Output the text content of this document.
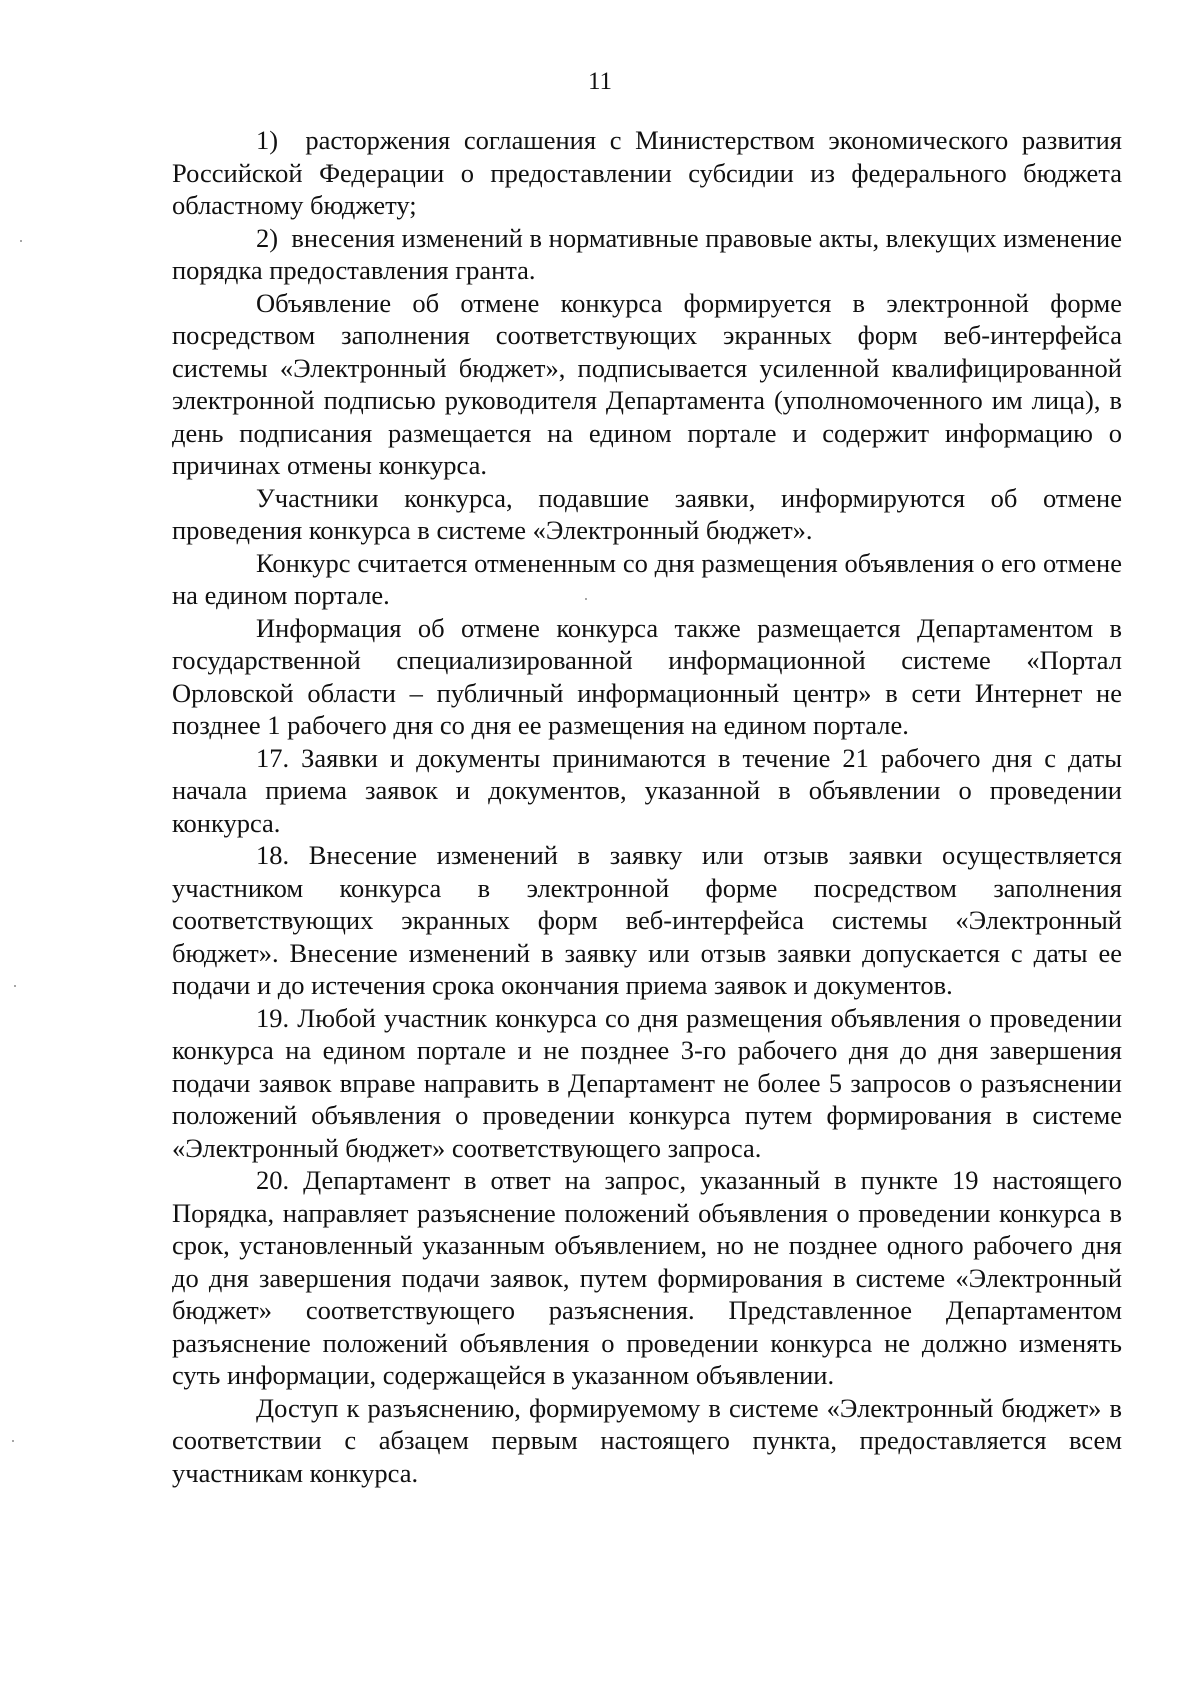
11

1)  расторжения соглашения с Министерством экономического развития Российской Федерации о предоставлении субсидии из федерального бюджета областному бюджету;

2)  внесения изменений в нормативные правовые акты, влекущих изменение порядка предоставления гранта.

Объявление об отмене конкурса формируется в электронной форме посредством заполнения соответствующих экранных форм веб-интерфейса системы «Электронный бюджет», подписывается усиленной квалифицированной электронной подписью руководителя Департамента (уполномоченного им лица), в день подписания размещается на едином портале и содержит информацию о причинах отмены конкурса.

Участники конкурса, подавшие заявки, информируются об отмене проведения конкурса в системе «Электронный бюджет».

Конкурс считается отмененным со дня размещения объявления о его отмене на едином портале.

Информация об отмене конкурса также размещается Департаментом в государственной специализированной информационной системе «Портал Орловской области – публичный информационный центр» в сети Интернет не позднее 1 рабочего дня со дня ее размещения на едином портале.

17. Заявки и документы принимаются в течение 21 рабочего дня с даты начала приема заявок и документов, указанной в объявлении о проведении конкурса.

18. Внесение изменений в заявку или отзыв заявки осуществляется участником конкурса в электронной форме посредством заполнения соответствующих экранных форм веб-интерфейса системы «Электронный бюджет». Внесение изменений в заявку или отзыв заявки допускается с даты ее подачи и до истечения срока окончания приема заявок и документов.

19. Любой участник конкурса со дня размещения объявления о проведении конкурса на едином портале и не позднее 3-го рабочего дня до дня завершения подачи заявок вправе направить в Департамент не более 5 запросов о разъяснении положений объявления о проведении конкурса путем формирования в системе «Электронный бюджет» соответствующего запроса.

20. Департамент в ответ на запрос, указанный в пункте 19 настоящего Порядка, направляет разъяснение положений объявления о проведении конкурса в срок, установленный указанным объявлением, но не позднее одного рабочего дня до дня завершения подачи заявок, путем формирования в системе «Электронный бюджет» соответствующего разъяснения. Представленное Департаментом разъяснение положений объявления о проведении конкурса не должно изменять суть информации, содержащейся в указанном объявлении.

Доступ к разъяснению, формируемому в системе «Электронный бюджет» в соответствии с абзацем первым настоящего пункта, предоставляется всем участникам конкурса.
